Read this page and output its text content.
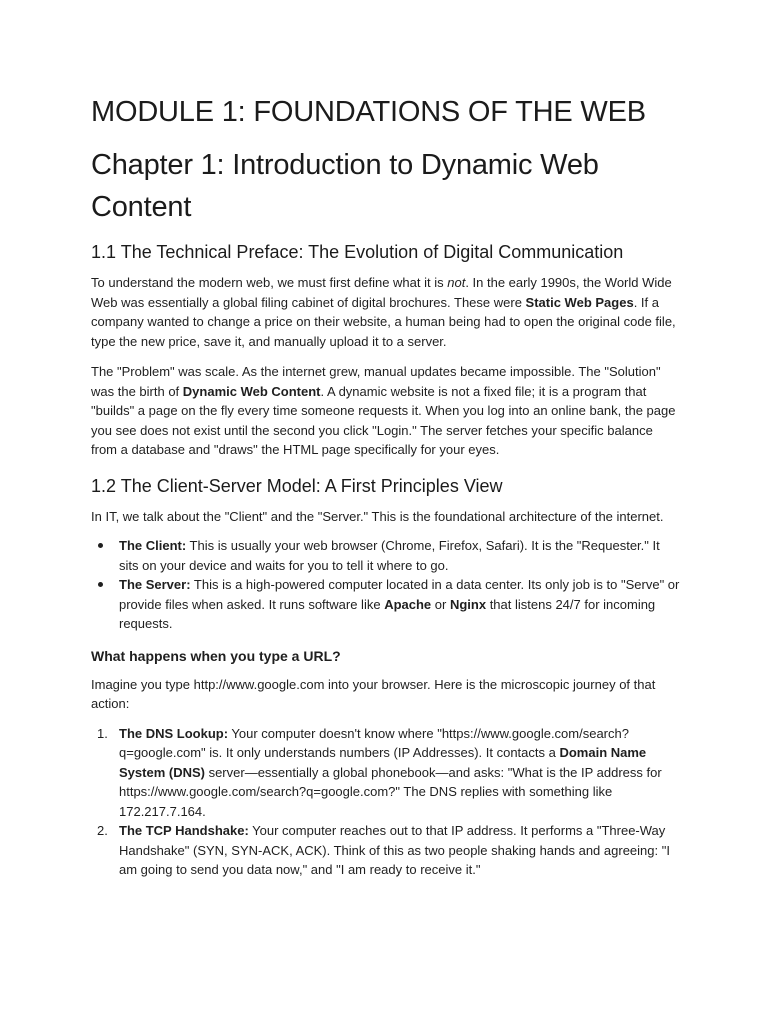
MODULE 1: FOUNDATIONS OF THE WEB
Chapter 1: Introduction to Dynamic Web Content
1.1 The Technical Preface: The Evolution of Digital Communication

To understand the modern web, we must first define what it is not. In the early 1990s, the World Wide Web was essentially a global filing cabinet of digital brochures. These were Static Web Pages. If a company wanted to change a price on their website, a human being had to open the original code file, type the new price, save it, and manually upload it to a server.

The "Problem" was scale. As the internet grew, manual updates became impossible. The "Solution" was the birth of Dynamic Web Content. A dynamic website is not a fixed file; it is a program that "builds" a page on the fly every time someone requests it. When you log into an online bank, the page you see does not exist until the second you click "Login." The server fetches your specific balance from a database and "draws" the HTML page specifically for your eyes.

1.2 The Client-Server Model: A First Principles View

In IT, we talk about the "Client" and the "Server." This is the foundational architecture of the internet.

The Client: This is usually your web browser (Chrome, Firefox, Safari). It is the "Requester." It sits on your device and waits for you to tell it where to go.
The Server: This is a high-powered computer located in a data center. Its only job is to "Serve" or provide files when asked. It runs software like Apache or Nginx that listens 24/7 for incoming requests.
What happens when you type a URL?

Imagine you type http://www.google.com into your browser. Here is the microscopic journey of that action:

1. The DNS Lookup: Your computer doesn't know where "https://www.google.com/search?q=google.com" is. It only understands numbers (IP Addresses). It contacts a Domain Name System (DNS) server—essentially a global phonebook—and asks: "What is the IP address for https://www.google.com/search?q=google.com?" The DNS replies with something like 172.217.7.164.
2. The TCP Handshake: Your computer reaches out to that IP address. It performs a "Three-Way Handshake" (SYN, SYN-ACK, ACK). Think of this as two people shaking hands and agreeing: "I am going to send you data now," and "I am ready to receive it."
